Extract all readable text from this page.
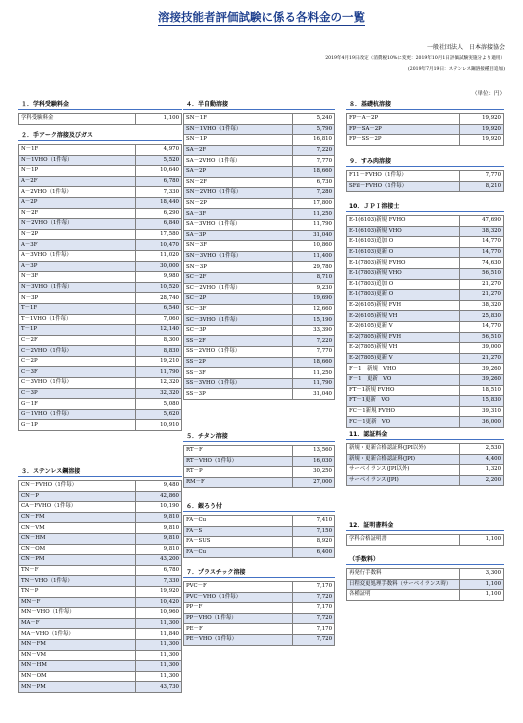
溶接技能者評価試験に係る各料金の一覧
一般社団法人　日本溶接協会
2019年4月19日改定（消費税10%に変更：2019年10月1日評価試験実施分より適用）
(2019年7月19日：ステンレス鋼溶接種目追加)
（単位：円）
１．学科受験料金
学科受験料金	1,100
２．手アーク溶接及びガス
N－1F	4,970
N－1VHO（1件毎）	5,520
N－1P	10,640
A－2F	6,780
A－2VHO（1件毎）	7,330
A－2P	18,440
N－2F	6,290
N－2VHO（1件毎）	6,840
N－2P	17,580
A－3F	10,470
A－3VHO（1件毎）	11,020
A－3P	30,000
N－3F	9,980
N－3VHO（1件毎）	10,520
N－3P	28,740
T－1F	6,540
T－1VHO（1件毎）	7,060
T－1P	12,140
C－2F	8,300
C－2VHO（1件毎）	8,830
C－2P	19,210
C－3F	11,790
C－3VHO（1件毎）	12,320
C－3P	32,320
G－1F	5,080
G－1VHO（1件毎）	5,620
G－1P	10,910
３．ステンレス鋼溶接
CN－FVHO（1件毎）	9,480
CN－P	42,860
CA－FVHO（1件毎）	10,190
CN－FM	9,810
CN－VM	9,810
CN－HM	9,810
CN－OM	9,810
CN－PM	43,200
TN－F	6,780
TN－VHO（1件毎）	7,330
TN－P	19,920
MN－F	10,420
MN－VHO（1件毎）	10,960
MA－F	11,300
MA－VHO（1件毎）	11,840
MN－FM	11,300
MN－VM	11,300
MN－HM	11,300
MN－OM	11,300
MN－PM	43,730
４．半自動溶接
SN－1F	5,240
SN－1VHO（1件毎）	5,790
SN－1P	16,810
SA－2F	7,220
SA－2VHO（1件毎）	7,770
SA－2P	18,660
SN－2F	6,730
SN－2VHO（1件毎）	7,280
SN－2P	17,800
SA－3F	11,250
SA－3VHO（1件毎）	11,790
SA－3P	31,040
SN－3F	10,860
SN－3VHO（1件毎）	11,400
SN－3P	29,780
SC－2F	8,710
SC－2VHO（1件毎）	9,230
SC－2P	19,690
SC－3F	12,660
SC－3VHO（1件毎）	15,190
SC－3P	33,390
SS－2F	7,220
SS－2VHO（1件毎）	7,770
SS－2P	18,660
SS－3F	11,250
SS－3VHO（1件毎）	11,790
SS－3P	31,040
５．チタン溶接
RT－F	13,560
RT－VHO（1件毎）	16,030
RT－P	30,250
RM－F	27,000
６．銀ろう付
FA－Cu	7,410
FA－S	7,150
FA－SUS	8,920
FA－Cu	6,400
７．プラスチック溶接
PVC－F	7,170
PVC－VHO（1件毎）	7,720
PP－F	7,170
PP－VHO（1件毎）	7,720
PE－F	7,170
PE－VHO（1件毎）	7,720
８．基礎杭溶接
FP－A－2P	19,920
FP－SA－2P	19,920
FP－SS－2P	19,920
９．すみ肉溶接
F11－FVHO（1件毎）	7,770
SFil－FVHO（1件毎）	8,210
10．ＪＰＩ溶接士
E-1(6103)新規 FVHO	47,690
E-1(6103)新規 VHO	38,320
E-1(6103)追加 O	14,770
E-1(6103)更新 O	14,770
E-1(7803)新規 FVHO	74,630
E-1(7803)新規 VHO	56,510
E-1(7803)追加 O	21,270
E-1(7803)更新 O	21,270
E-2(6105)新規 FVH	38,320
E-2(6105)新規 VH	25,830
E-2(6105)更新 V	14,770
E-2(7805)新規 FVH	56,510
E-2(7805)新規 VH	39,000
E-2(7805)更新 V	21,270
F－1　新規　VHO	39,260
F－1　更新　VO	39,260
FT－1新規 FVHO	18,510
FT－1更新　VO	15,830
FC－1新規 FVHO	39,310
FC－1更新　VO	36,000
11．認証料金
新規・更新合格認証料(JPI以外)	2,530
新規・更新合格認証料(JPI)	4,400
サーベイランス(JPI以外)	1,320
サーベイランス(JPI)	2,200
12．証明書料金
学科合格証明書	1,100
（手数料）
再発行手数料	3,300
日程変更処理手数料（サーベイランス時）	1,100
各種証明	1,100
